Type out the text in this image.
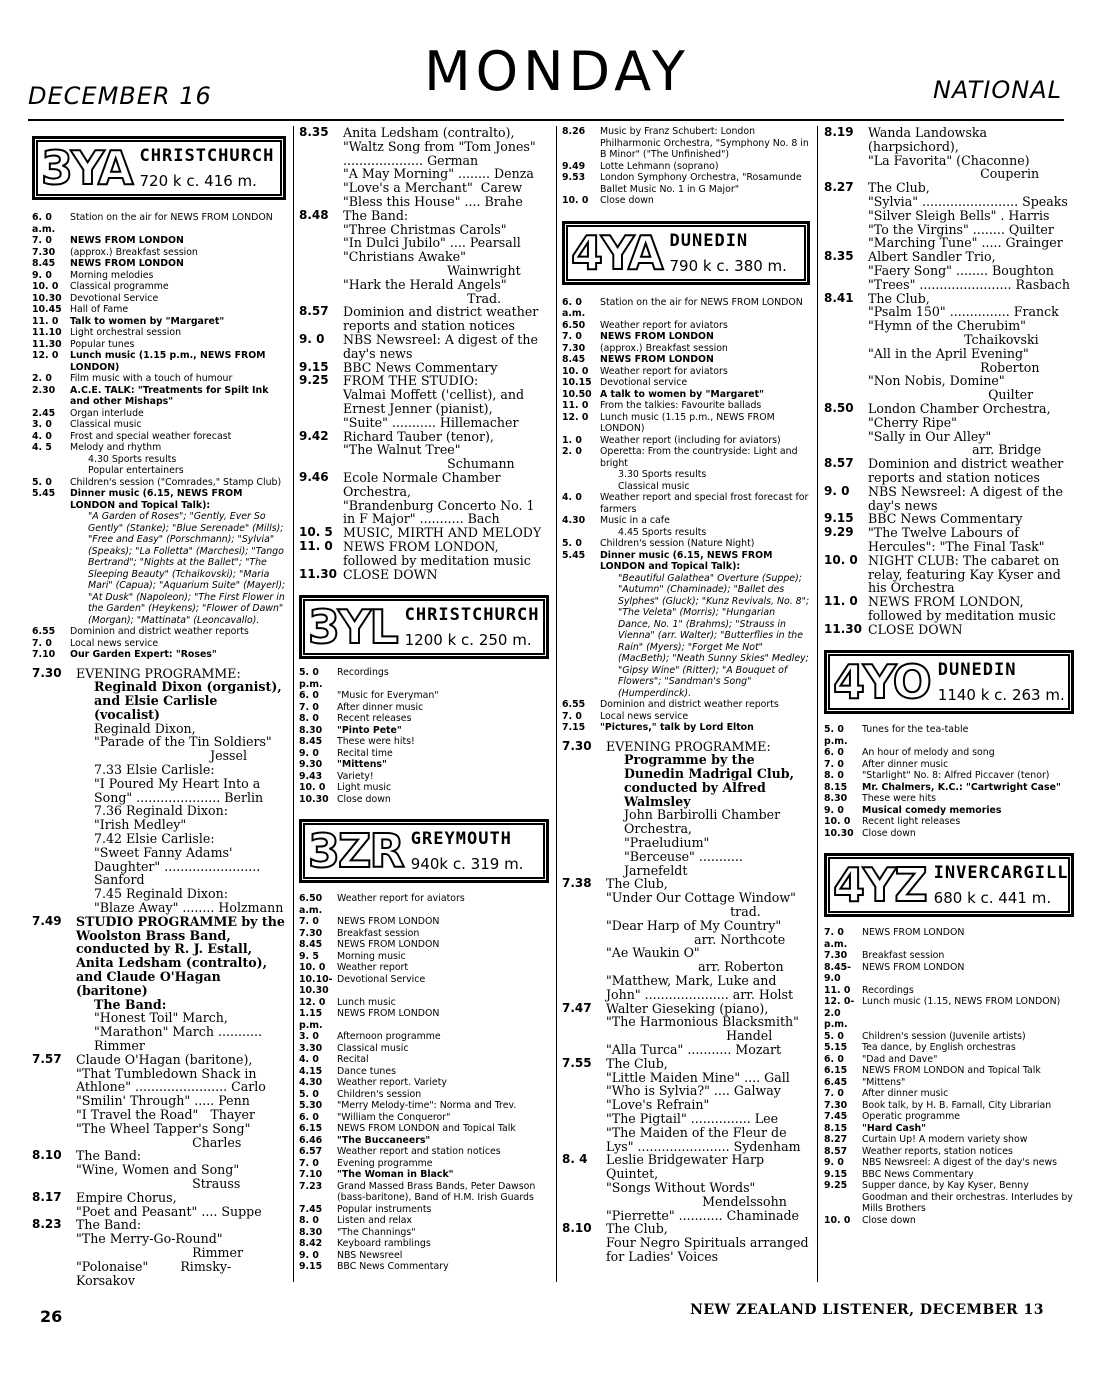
DECEMBER 16	MONDAY	NATIONAL
3YA CHRISTCHURCH
720 k c. 416 m.
6. 0 a.m.
Station on the air for NEWS FROM LONDON
7. 0	NEWS FROM LONDON
7.30	(approx.) Breakfast session
8.45	NEWS FROM LONDON
9. 0	Morning melodies
10. 0	Classical programme
10.30 Devotional Service
10.45 Hall of Fame
11. 0	Talk to women by "Margaret"
11.10 Light orchestral session
11.30 Popular tunes
12. 0	Lunch music (1.15 p.m., NEWS FROM LONDON)
2. 0	Film music with a touch of humour
2.30	A.C.E. TALK: "Treatments for Spilt Ink and other Mishaps"
2.45	Organ interlude
3. 0	Classical music
4. 0	Frost and special weather forecast
4. 5	Melody and rhythm
4.30 Sports results
Popular entertainers
5. 0	Children's session ("Comrades," Stamp Club)
5.45	Dinner music (6.15, NEWS FROM LONDON and Topical Talk):
"A Garden of Roses"; "Gently, Ever So Gently" (Stanke); "Blue Serenade" (Mills); "Free and Easy" (Porschmann); "Sylvia" (Speaks); "La Folletta" (Marchesi); "Tango Bertrand"; "Nights at the Ballet"; "The Sleeping Beauty" (Tchaikovski); "Maria Mari" (Capua); "Aquarium Suite" (Mayerl); "At Dusk" (Napoleon); "The First Flower in the Garden" (Heykens); "Flower of Dawn" (Morgan); "Mattinata" (Leoncavallo).
6.55	Dominion and district weather reports
7. 0	Local news service
7.10	Our Garden Expert: "Roses"
7.30	EVENING PROGRAMME:
Reginald Dixon (organist), and Elsie Carlisle (vocalist)
Reginald Dixon,
"Parade of the Tin Soldiers"
Jessel
7.33 Elsie Carlisle:
"I Poured My Heart Into a Song" ..................... Berlin
7.36 Reginald Dixon:
"Irish Medley"
7.42 Elsie Carlisle:
"Sweet Fanny Adams' Daughter" ........................ Sanford
7.45 Reginald Dixon:
"Blaze Away" ........ Holzmann
7.49	STUDIO PROGRAMME by the Woolston Brass Band, conducted by R. J. Estall, Anita Ledsham (contralto), and Claude O'Hagan (baritone)
The Band:
"Honest Toil" March, "Marathon" March ........... Rimmer
7.57	Claude O'Hagan (baritone),
"That Tumbledown Shack in Athlone" ....................... Carlo
"Smilin' Through" ..... Penn
"I Travel the Road"   Thayer
"The Wheel Tapper's Song"
Charles
8.10	The Band:
"Wine, Women and Song"
Strauss
8.17	Empire Chorus,
"Poet and Peasant" .... Suppe
8.23	The Band:
"The Merry-Go-Round"
Rimmer
"Polonaise"        Rimsky-Korsakov
8.35	Anita Ledsham (contralto),
"Waltz Song from "Tom Jones" .................... German
"A May Morning" ........ Denza
"Love's a Merchant"  Carew
"Bless this House" .... Brahe
8.48	The Band:
"Three Christmas Carols"
"In Dulci Jubilo" .... Pearsall
"Christians Awake"
Wainwright
"Hark the Herald Angels"
Trad.
8.57	Dominion and district weather reports and station notices
9. 0	NBS Newsreel: A digest of the day's news
9.15	BBC News Commentary
9.25	FROM THE STUDIO:
Valmai Moffett ('cellist), and Ernest Jenner (pianist),
"Suite" ........... Hillemacher
9.42	Richard Tauber (tenor),
"The Walnut Tree"
Schumann
9.46	Ecole Normale Chamber Orchestra,
"Brandenburg Concerto No. 1 in F Major" ........... Bach
10. 5 MUSIC, MIRTH AND MELODY
11. 0 NEWS FROM LONDON, followed by meditation music
11.30 CLOSE DOWN
3YL CHRISTCHURCH
1200 k c. 250 m.
5. 0 p.m.
Recordings
6. 0	"Music for Everyman"
7. 0	After dinner music
8. 0	Recent releases
8.30	"Pinto Pete"
8.45	These were hits!
9. 0	Recital time
9.30	"Mittens"
9.43	Variety!
10. 0	Light music
10.30 Close down
3ZR GREYMOUTH
940k c. 319 m.
6.50 a.m.
Weather report for aviators
7. 0	NEWS FROM LONDON
7.30	Breakfast session
8.45	NEWS FROM LONDON
9. 5	Morning music
10. 0	Weather report
10.10-10.30
Devotional Service
12. 0	Lunch music
1.15 p.m.
NEWS FROM LONDON
3. 0	Afternoon programme
3.30	Classical music
4. 0	Recital
4.15	Dance tunes
4.30	Weather report. Variety
5. 0	Children's session
5.30	"Merry Melody-time": Norma and Trev.
6. 0	"William the Conqueror"
6.15	NEWS FROM LONDON and Topical Talk
6.46	"The Buccaneers"
6.57	Weather report and station notices
7. 0	Evening programme
7.10	"The Woman in Black"
7.23	Grand Massed Brass Bands, Peter Dawson (bass-baritone), Band of H.M. Irish Guards
7.45	Popular instruments
8. 0	Listen and relax
8.30	"The Channings"
8.42	Keyboard ramblings
9. 0	NBS Newsreel
9.15	BBC News Commentary
8.26	Music by Franz Schubert: London Philharmonic Orchestra, "Symphony No. 8 in B Minor" ("The Unfinished")
9.49	Lotte Lehmann (soprano)
9.53	London Symphony Orchestra, "Rosamunde Ballet Music No. 1 in G Major"
10. 0	Close down
4YA DUNEDIN
790 k c. 380 m.
6. 0 a.m.
Station on the air for NEWS FROM LONDON
6.50	Weather report for aviators
7. 0	NEWS FROM LONDON
7.30	(approx.) Breakfast session
8.45	NEWS FROM LONDON
10. 0	Weather report for aviators
10.15 Devotional service
10.50 A talk to women by "Margaret"
11. 0	From the talkies: Favourite ballads
12. 0	Lunch music (1.15 p.m., NEWS FROM LONDON)
1. 0	Weather report (including for aviators)
2. 0	Operetta: From the countryside: Light and bright
3.30 Sports results
Classical music
4. 0	Weather report and special frost forecast for farmers
4.30	Music in a cafe
4.45 Sports results
5. 0	Children's session (Nature Night)
5.45	Dinner music (6.15, NEWS FROM LONDON and Topical Talk):
"Beautiful Galathea" Overture (Suppe); "Autumn" (Chaminade); "Ballet des Sylphes" (Gluck); "Kunz Revivals, No. 8"; "The Veleta" (Morris); "Hungarian Dance, No. 1" (Brahms); "Strauss in Vienna" (arr. Walter); "Butterflies in the Rain" (Myers); "Forget Me Not" (MacBeth); "Neath Sunny Skies" Medley; "Gipsy Wine" (Ritter); "A Bouquet of Flowers"; "Sandman's Song" (Humperdinck).
6.55	Dominion and district weather reports
7. 0	Local news service
7.15	"Pictures," talk by Lord Elton
7.30	EVENING PROGRAMME:
Programme by the Dunedin Madrigal Club, conducted by Alfred Walmsley
John Barbirolli Chamber Orchestra,
"Praeludium"
"Berceuse" ........... Jarnefeldt
7.38	The Club,
"Under Our Cottage Window"
trad.
"Dear Harp of My Country"
arr. Northcote
"Ae Waukin O"
arr. Roberton
"Matthew, Mark, Luke and John" ..................... arr. Holst
7.47	Walter Gieseking (piano),
"The Harmonious Blacksmith"
Handel
"Alla Turca" ........... Mozart
7.55	The Club,
"Little Maiden Mine" .... Gall
"Who is Sylvia?" .... Galway
"Love's Refrain"
"The Pigtail" ............... Lee
"The Maiden of the Fleur de Lys" ....................... Sydenham
8. 4	Leslie Bridgewater Harp Quintet,
"Songs Without Words"
Mendelssohn
"Pierrette" ........... Chaminade
8.10	The Club,
Four Negro Spirituals arranged for Ladies' Voices
8.19	Wanda Landowska (harpsichord),
"La Favorita" (Chaconne)
Couperin
8.27	The Club,
"Sylvia" ........................ Speaks
"Silver Sleigh Bells" . Harris
"To the Virgins" ........ Quilter
"Marching Tune" ..... Grainger
8.35	Albert Sandler Trio,
"Faery Song" ........ Boughton
"Trees" ....................... Rasbach
8.41	The Club,
"Psalm 150" ............... Franck
"Hymn of the Cherubim"
Tchaikovski
"All in the April Evening"
Roberton
"Non Nobis, Domine"
Quilter
8.50	London Chamber Orchestra,
"Cherry Ripe"
"Sally in Our Alley"
arr. Bridge
8.57	Dominion and district weather reports and station notices
9. 0	NBS Newsreel: A digest of the day's news
9.15	BBC News Commentary
9.29	"The Twelve Labours of Hercules": "The Final Task"
10. 0 NIGHT CLUB: The cabaret on relay, featuring Kay Kyser and his Orchestra
11. 0 NEWS FROM LONDON, followed by meditation music
11.30 CLOSE DOWN
4YO DUNEDIN
1140 k c. 263 m.
5. 0 p.m.
Tunes for the tea-table
6. 0	An hour of melody and song
7. 0	After dinner music
8. 0	"Starlight" No. 8: Alfred Piccaver (tenor)
8.15	Mr. Chalmers, K.C.: "Cartwright Case"
8.30	These were hits
9. 0	Musical comedy memories
10. 0	Recent light releases
10.30 Close down
4YZ INVERCARGILL
680 k c. 441 m.
7. 0 a.m.
NEWS FROM LONDON
7.30	Breakfast session
8.45-9.0
NEWS FROM LONDON
11. 0	Recordings
12. 0-2.0 p.m.
Lunch music (1.15, NEWS FROM LONDON)
5. 0	Children's session (Juvenile artists)
5.15	Tea dance, by English orchestras
6. 0	"Dad and Dave"
6.15	NEWS FROM LONDON and Topical Talk
6.45	"Mittens"
7. 0	After dinner music
7.30	Book talk, by H. B. Farnall, City Librarian
7.45	Operatic programme
8.15	"Hard Cash"
8.27	Curtain Up! A modern variety show
8.57	Weather reports, station notices
9. 0	NBS Newsreel: A digest of the day's news
9.15	BBC News Commentary
9.25	Supper dance, by Kay Kyser, Benny Goodman and their orchestras. Interludes by Mills Brothers
10. 0	Close down
26	NEW ZEALAND LISTENER, DECEMBER 13
